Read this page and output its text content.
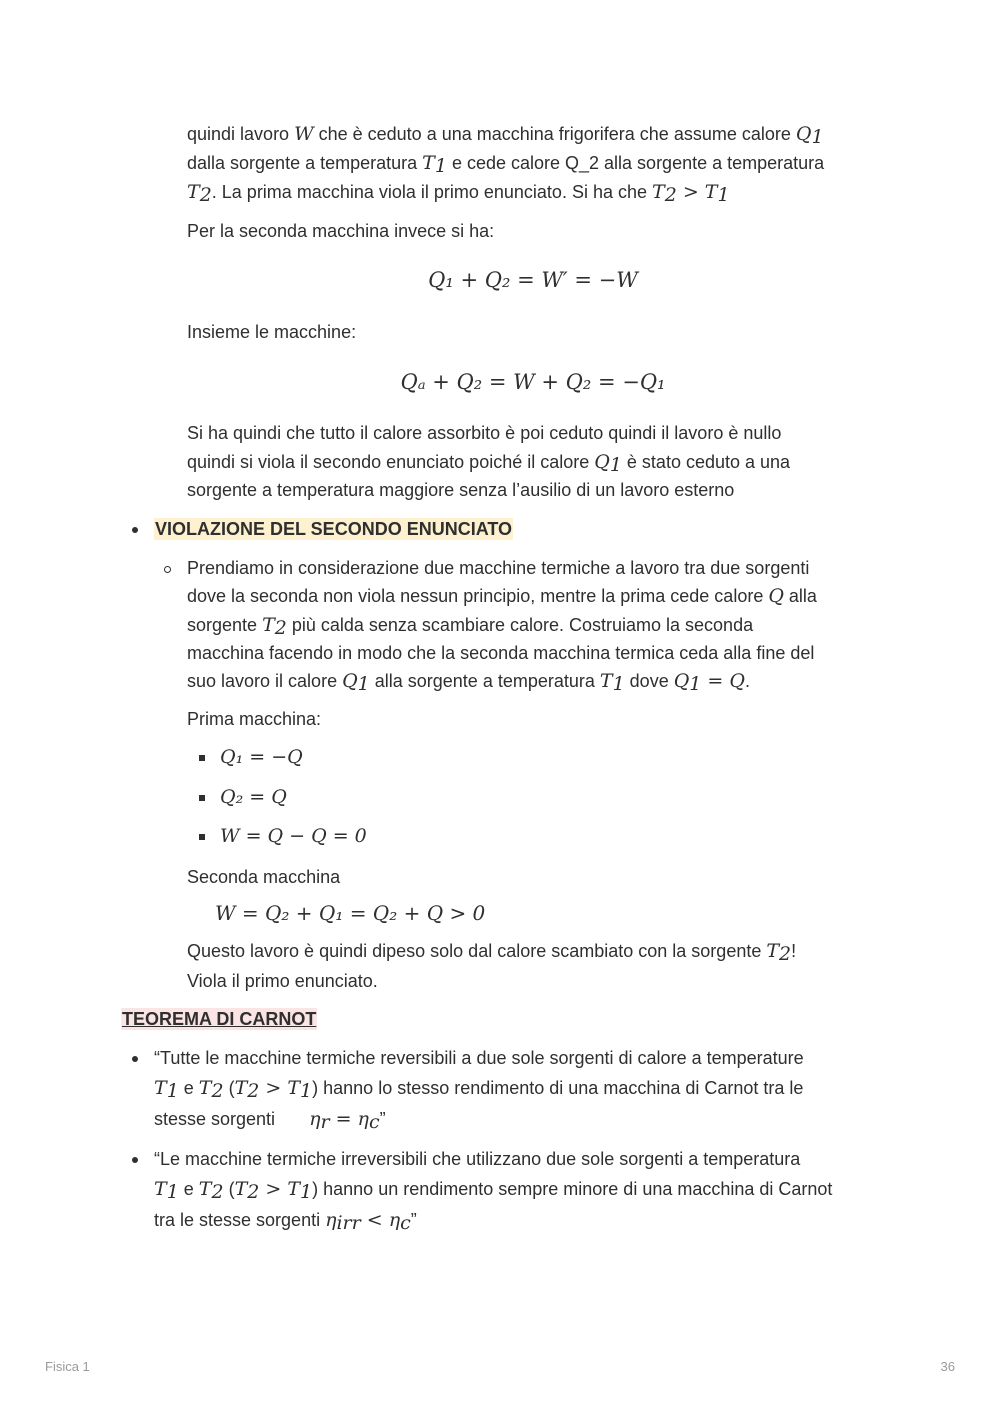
quindi lavoro W che è ceduto a una macchina frigorifera che assume calore $Q_1$
dalla sorgente a temperatura $T_1$ e cede calore Q_2 alla sorgente a temperatura
$T_2$. La prima macchina viola il primo enunciato. Si ha che $T_2 > T_1$
Per la seconda macchina invece si ha:
Q₁ + Q₂ = W′ = −W
Insieme le macchine:
Qₐ + Q₂ = W + Q₂ = −Q₁
Si ha quindi che tutto il calore assorbito è poi ceduto quindi il lavoro è nullo
quindi si viola il secondo enunciato poiché il calore $Q_1$ è stato ceduto a una
sorgente a temperatura maggiore senza l’ausilio di un lavoro esterno
VIOLAZIONE DEL SECONDO ENUNCIATO
Prendiamo in considerazione due macchine termiche a lavoro tra due sorgenti
dove la seconda non viola nessun principio, mentre la prima cede calore Q alla
sorgente $T_2$ più calda senza scambiare calore. Costruiamo la seconda
macchina facendo in modo che la seconda macchina termica ceda alla fine del
suo lavoro il calore $Q_1$ alla sorgente a temperatura $T_1$ dove $Q_1 = Q$.
Prima macchina:
Q₁ = −Q
Q₂ = Q
W = Q − Q = 0
Seconda macchina
W = Q₂ + Q₁ = Q₂ + Q > 0
Questo lavoro è quindi dipeso solo dal calore scambiato con la sorgente $T_2$!
Viola il primo enunciato.
TEOREMA DI CARNOT
“Tutte le macchine termiche reversibili a due sole sorgenti di calore a temperature
$T_1$ e $T_2$ $(T_2 > T_1)$ hanno lo stesso rendimento di una macchina di Carnot tra le
stesse sorgenti $\eta_r = \eta_c$”
“Le macchine termiche irreversibili che utilizzano due sole sorgenti a temperatura
$T_1$ e $T_2$ $(T_2 > T_1)$ hanno un rendimento sempre minore di una macchina di Carnot
tra le stesse sorgenti $\eta_{irr} < \eta_c$”
Fisica 1	36
